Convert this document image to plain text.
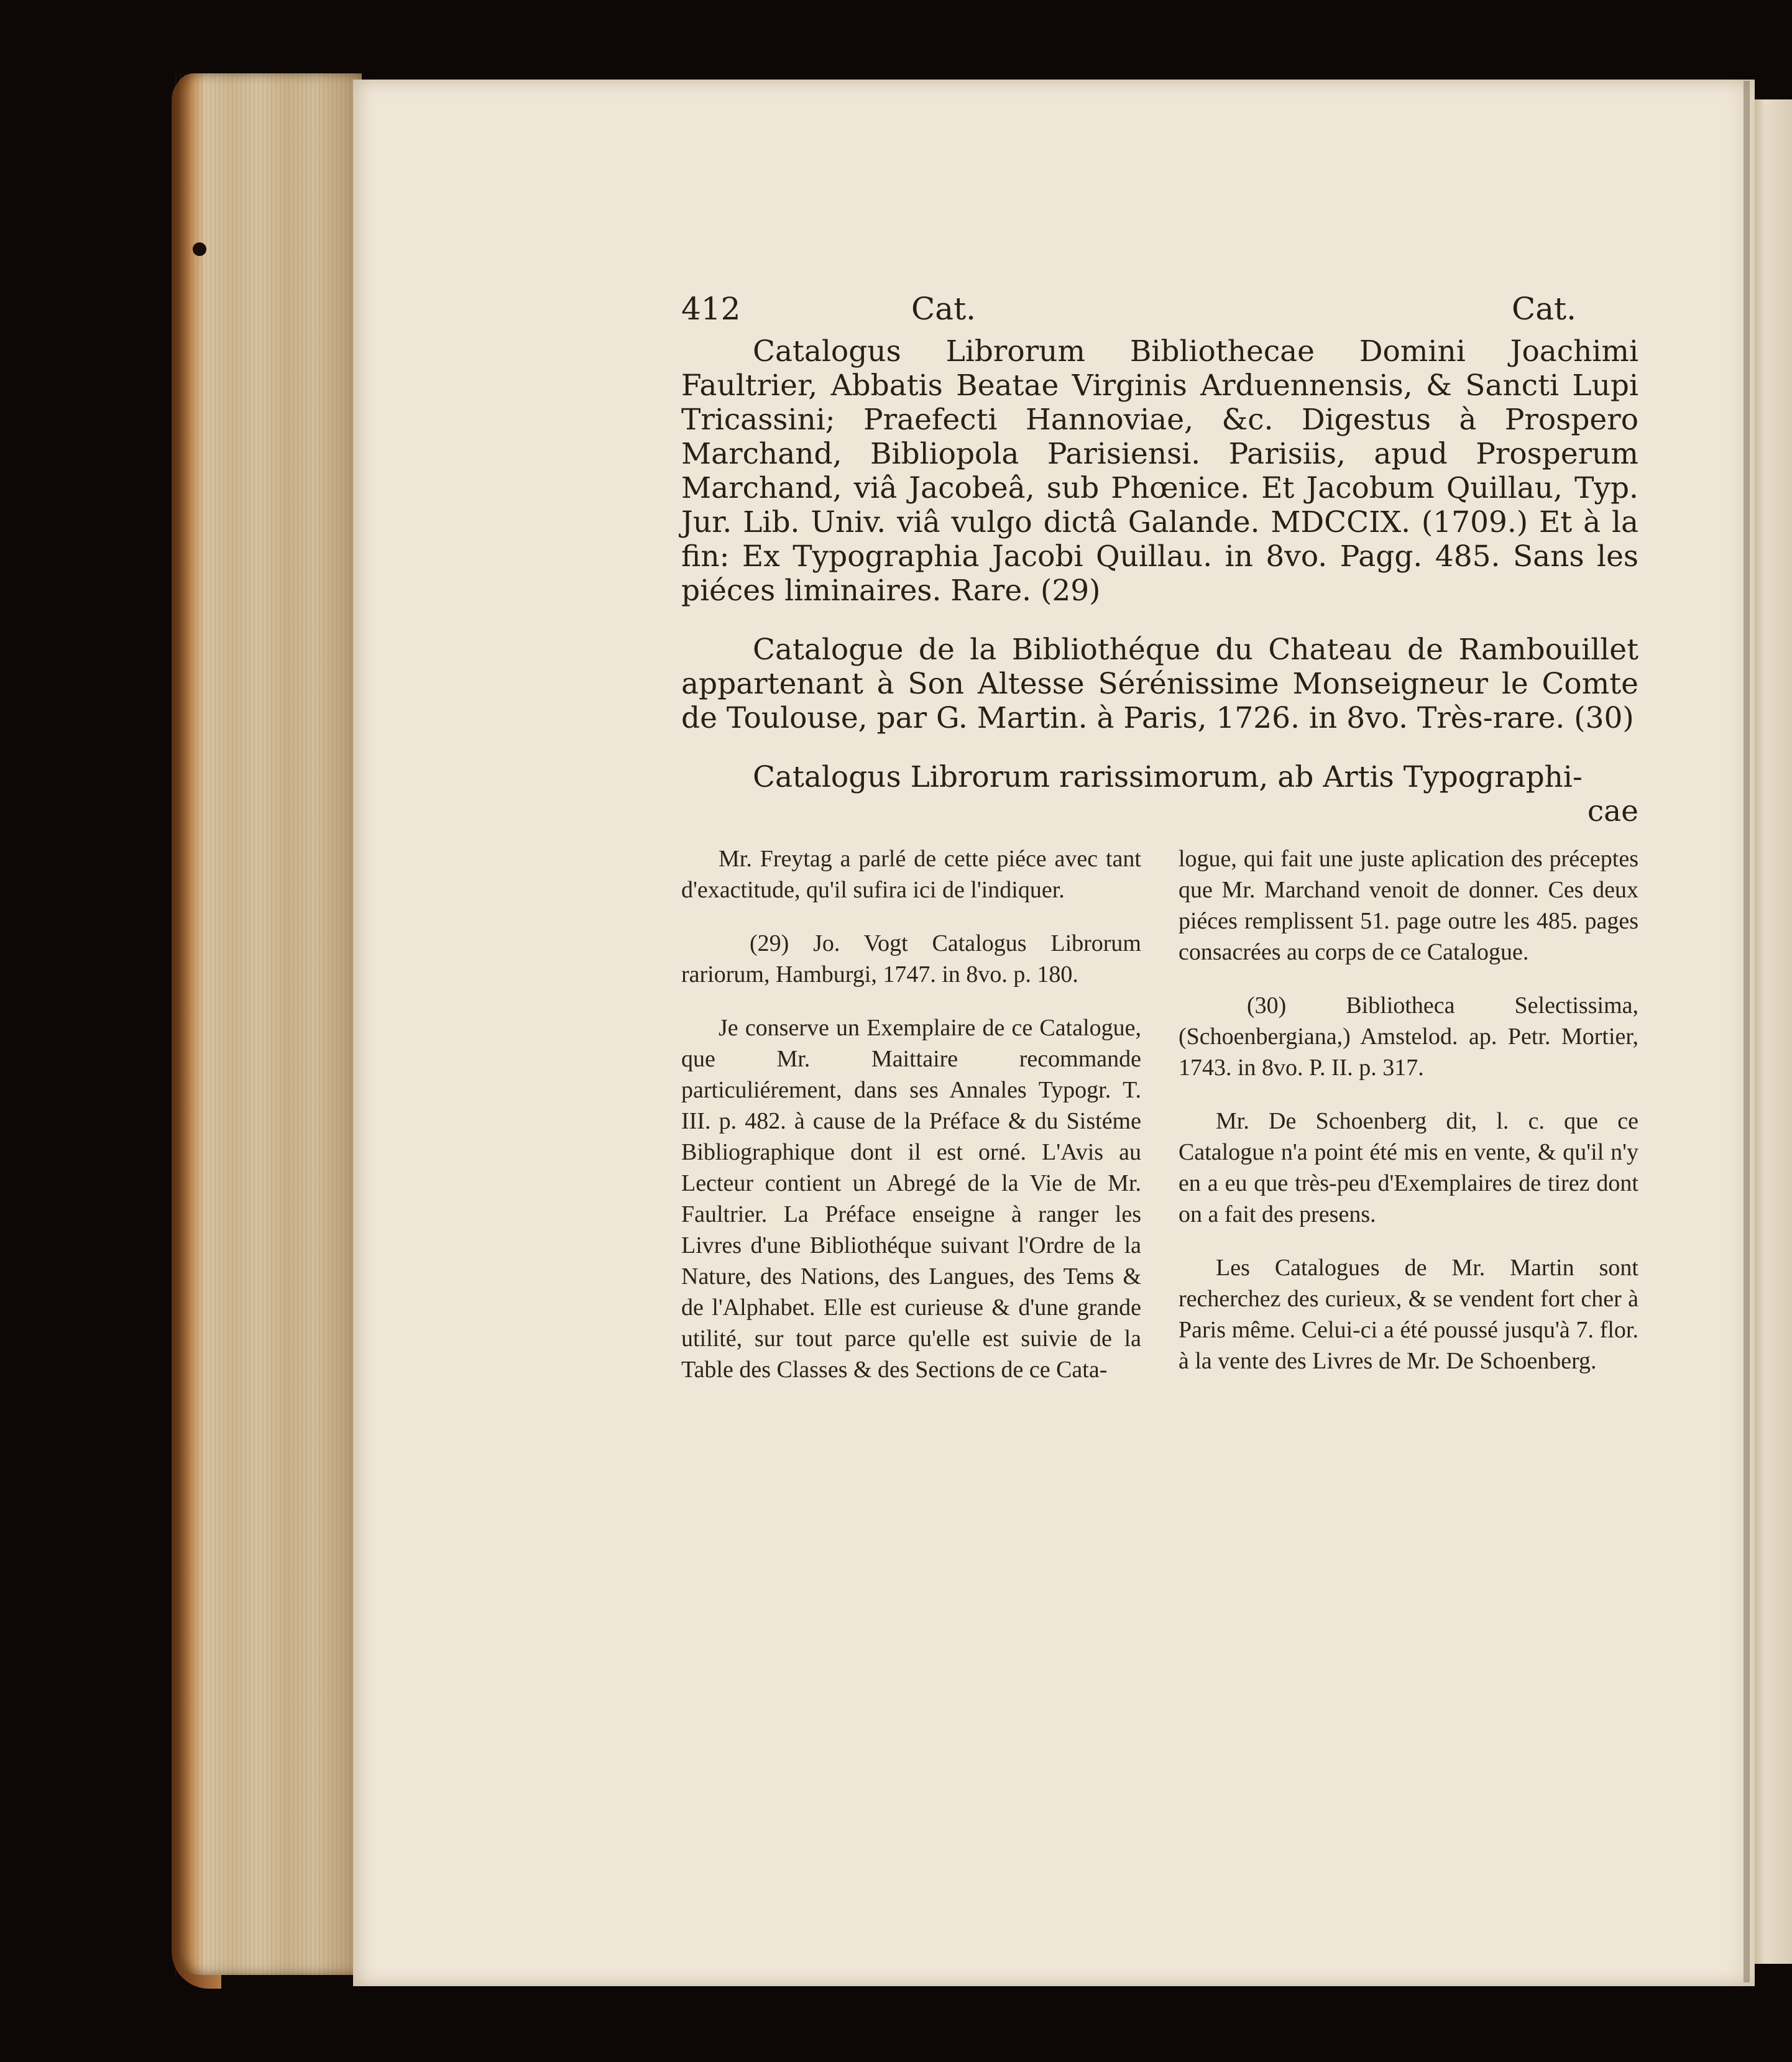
412	Cat.	Cat.

Catalogus Librorum Bibliothecae Domini Joachimi Faultrier, Abbatis Beatae Virginis Arduennensis, & Sancti Lupi Tricassini; Praefecti Hannoviae, &c. Digestus à Prospero Marchand, Bibliopola Parisiensi. Parisiis, apud Prosperum Marchand, viâ Jacobeâ, sub Phœnice. Et Jacobum Quillau, Typ. Jur. Lib. Univ. viâ vulgo dictâ Galande. MDCCIX. (1709.) Et à la fin: Ex Typographia Jacobi Quillau. in 8vo. Pagg. 485. Sans les piéces liminaires. Rare. (29)

Catalogue de la Bibliothéque du Chateau de Rambouillet appartenant à Son Altesse Sérénissime Monseigneur le Comte de Toulouse, par G. Martin. à Paris, 1726. in 8vo. Très-rare. (30)

Catalogus Librorum rarissimorum, ab Artis Typographi-

cae

Mr. Freytag a parlé de cette piéce avec tant d'exactitude, qu'il sufira ici de l'indiquer.

(29) Jo. Vogt Catalogus Librorum rariorum, Hamburgi, 1747. in 8vo. p. 180.

Je conserve un Exemplaire de ce Catalogue, que Mr. Maittaire recommande particuliérement, dans ses Annales Typogr. T. III. p. 482. à cause de la Préface & du Sistéme Bibliographique dont il est orné. L'Avis au Lecteur contient un Abregé de la Vie de Mr. Faultrier. La Préface enseigne à ranger les Livres d'une Bibliothéque suivant l'Ordre de la Nature, des Nations, des Langues, des Tems & de l'Alphabet. Elle est curieuse & d'une grande utilité, sur tout parce qu'elle est suivie de la Table des Classes & des Sections de ce Cata-

logue, qui fait une juste aplication des préceptes que Mr. Marchand venoit de donner. Ces deux piéces remplissent 51. page outre les 485. pages consacrées au corps de ce Catalogue.

(30) Bibliotheca Selectissima, (Schoenbergiana,) Amstelod. ap. Petr. Mortier, 1743. in 8vo. P. II. p. 317.

Mr. De Schoenberg dit, l. c. que ce Catalogue n'a point été mis en vente, & qu'il n'y en a eu que très-peu d'Exemplaires de tirez dont on a fait des presens.

Les Catalogues de Mr. Martin sont recherchez des curieux, & se vendent fort cher à Paris même. Celui-ci a été poussé jusqu'à 7. flor. à la vente des Livres de Mr. De Schoenberg.
